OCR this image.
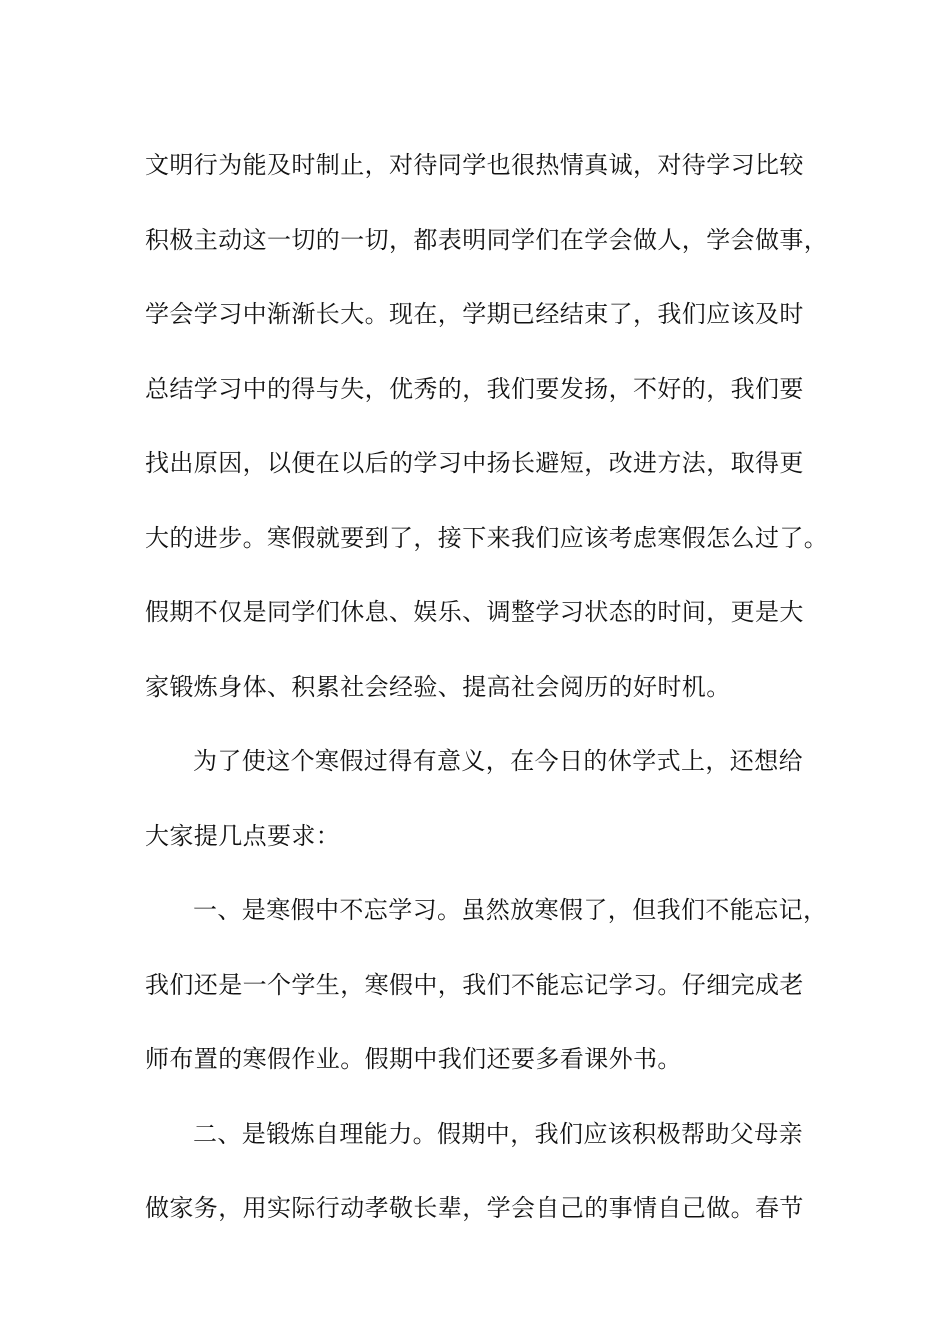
文明行为能及时制止，对待同学也很热情真诚，对待学习比较
积极主动这一切的一切，都表明同学们在学会做人，学会做事，
学会学习中渐渐长大。现在，学期已经结束了，我们应该及时
总结学习中的得与失，优秀的，我们要发扬，不好的，我们要
找出原因，以便在以后的学习中扬长避短，改进方法，取得更
大的进步。寒假就要到了，接下来我们应该考虑寒假怎么过了。
假期不仅是同学们休息、娱乐、调整学习状态的时间，更是大
家锻炼身体、积累社会经验、提高社会阅历的好时机。
为了使这个寒假过得有意义，在今日的休学式上，还想给
大家提几点要求：
一、是寒假中不忘学习。虽然放寒假了，但我们不能忘记，
我们还是一个学生，寒假中，我们不能忘记学习。仔细完成老
师布置的寒假作业。假期中我们还要多看课外书。
二、是锻炼自理能力。假期中，我们应该积极帮助父母亲
做家务，用实际行动孝敬长辈，学会自己的事情自己做。春节
